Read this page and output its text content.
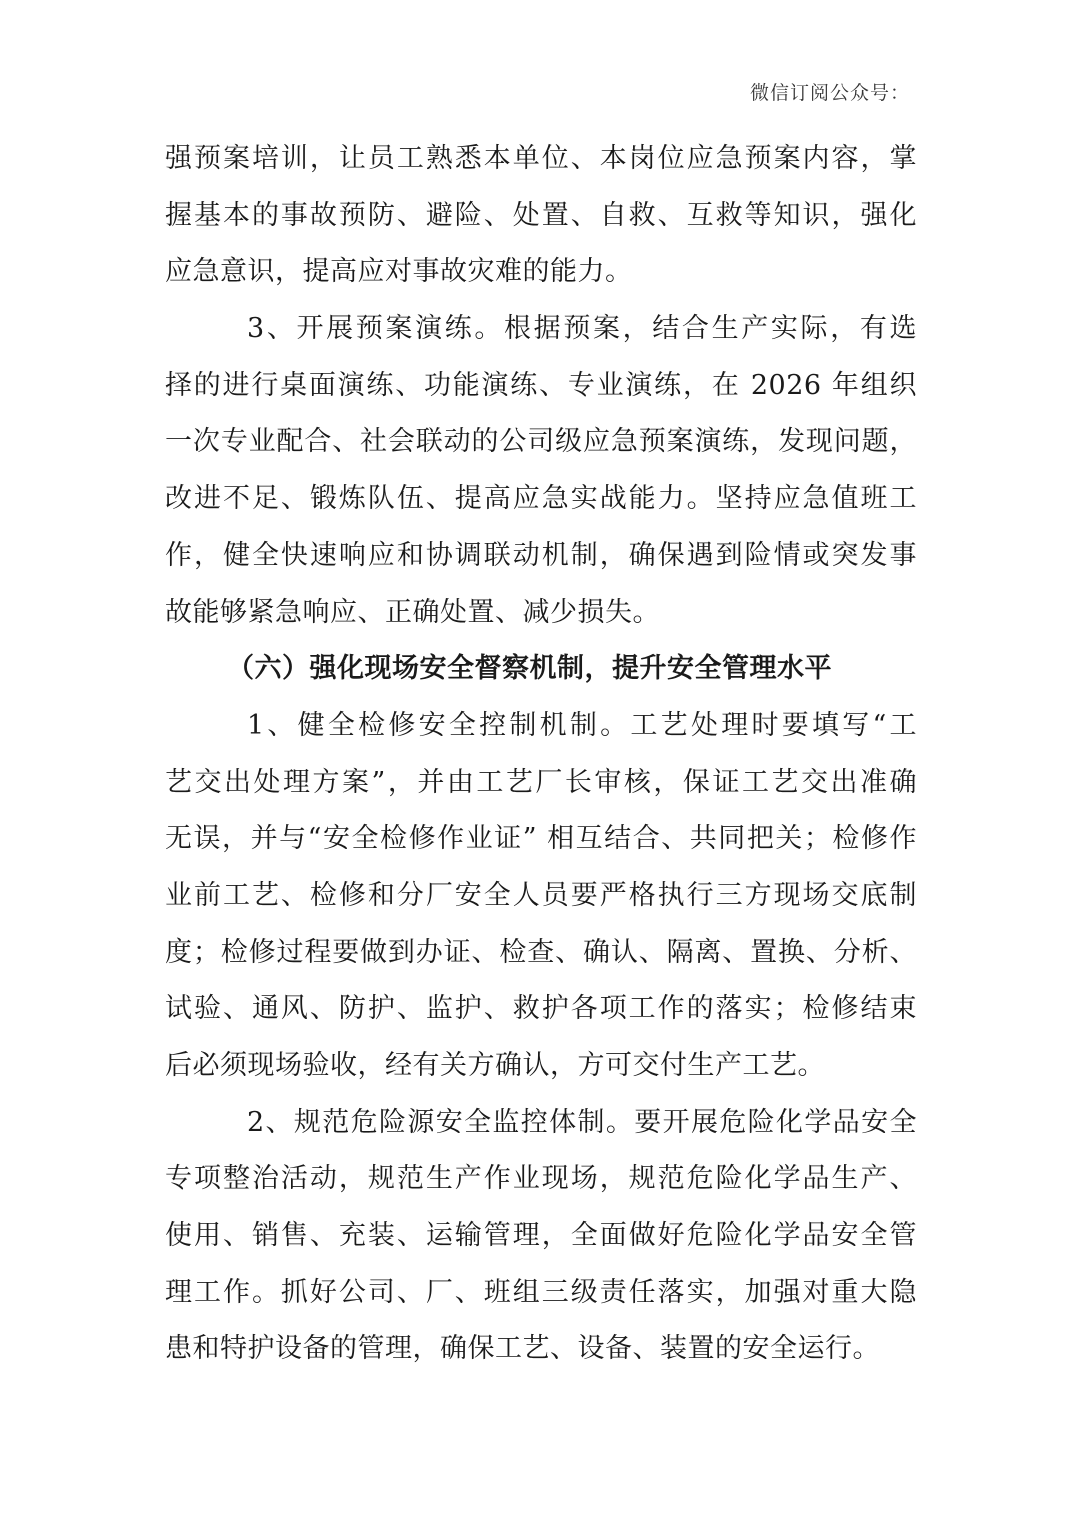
微信订阅公众号：
强预案培训，让员工熟悉本单位、本岗位应急预案内容，掌
握基本的事故预防、避险、处置、自救、互救等知识，强化
应急意识，提高应对事故灾难的能力。
3、开展预案演练。根据预案，结合生产实际，有选
择的进行桌面演练、功能演练、专业演练，在 2026 年组织
一次专业配合、社会联动的公司级应急预案演练，发现问题，
改进不足、锻炼队伍、提高应急实战能力。坚持应急值班工
作，健全快速响应和协调联动机制，确保遇到险情或突发事
故能够紧急响应、正确处置、减少损失。
（六）强化现场安全督察机制，提升安全管理水平
1、健全检修安全控制机制。工艺处理时要填写“工
艺交出处理方案”，并由工艺厂长审核，保证工艺交出准确
无误，并与“安全检修作业证” 相互结合、共同把关；检修作
业前工艺、检修和分厂安全人员要严格执行三方现场交底制
度；检修过程要做到办证、检查、确认、隔离、置换、分析、
试验、通风、防护、监护、救护各项工作的落实；检修结束
后必须现场验收，经有关方确认，方可交付生产工艺。
2、规范危险源安全监控体制。要开展危险化学品安全
专项整治活动，规范生产作业现场，规范危险化学品生产、
使用、销售、充装、运输管理，全面做好危险化学品安全管
理工作。抓好公司、厂、班组三级责任落实，加强对重大隐
患和特护设备的管理，确保工艺、设备、装置的安全运行。
